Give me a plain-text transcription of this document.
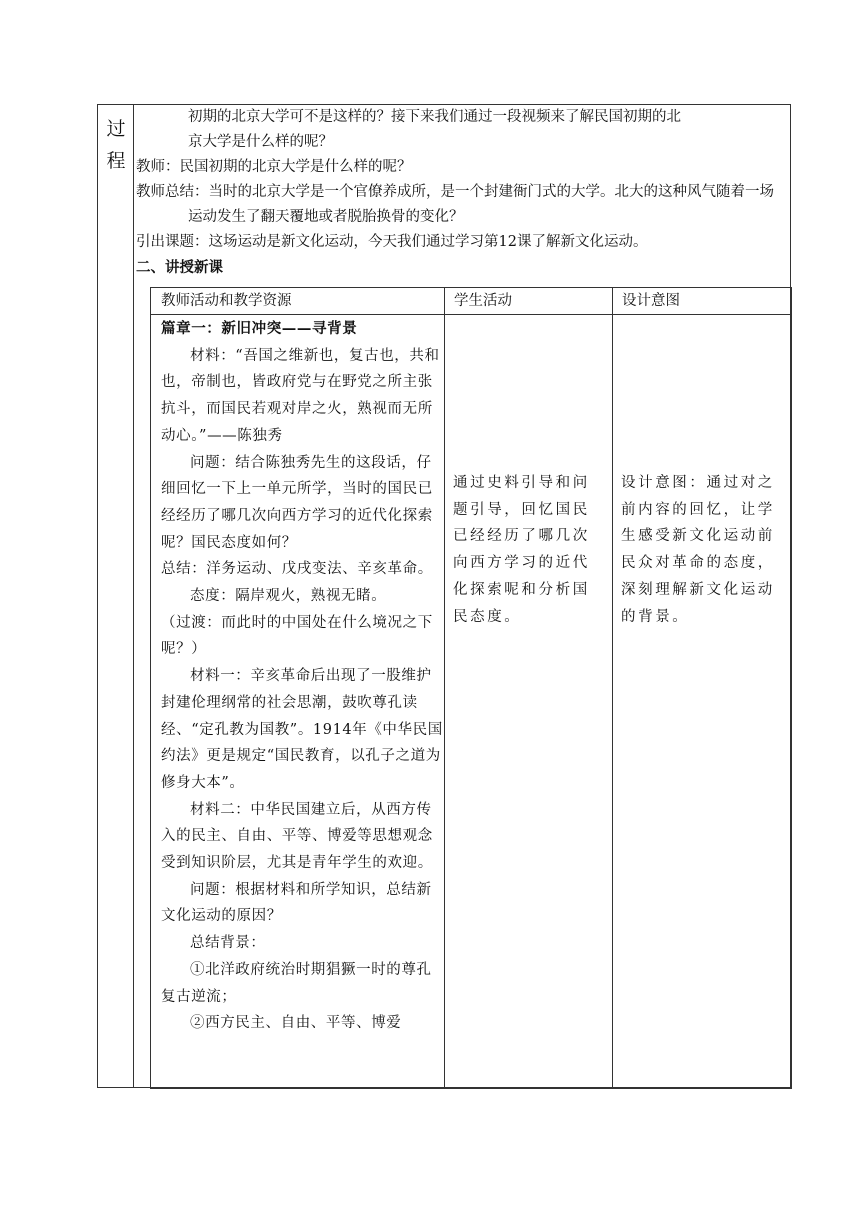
过程

初期的北京大学可不是这样的？接下来我们通过一段视频来了解民国初期的北

京大学是什么样的呢？

教师：民国初期的北京大学是什么样的呢？

教师总结：当时的北京大学是一个官僚养成所，是一个封建衙门式的大学。北大的这种风气随着一场运动发生了翻天覆地或者脱胎换骨的变化？

引出课题：这场运动是新文化运动，今天我们通过学习第12课了解新文化运动。

二、讲授新课

教师活动和教学资源	学生活动	设计意图

篇章一：新旧冲突——寻背景

材料：“吾国之维新也，复古也，共和也，帝制也，皆政府党与在野党之所主张抗斗，而国民若观对岸之火，熟视而无所动心。”——陈独秀

问题：结合陈独秀先生的这段话，仔细回忆一下上一单元所学，当时的国民已经经历了哪几次向西方学习的近代化探索呢？国民态度如何？

总结：洋务运动、戊戌变法、辛亥革命。

态度：隔岸观火，熟视无睹。

（过渡：而此时的中国处在什么境况之下呢？）

材料一：辛亥革命后出现了一股维护封建伦理纲常的社会思潮，鼓吹尊孔读经、“定孔教为国教”。1914年《中华民国约法》更是规定“国民教育，以孔子之道为修身大本”。

材料二：中华民国建立后，从西方传入的民主、自由、平等、博爱等思想观念受到知识阶层，尤其是青年学生的欢迎。

问题：根据材料和所学知识，总结新文化运动的原因？

总结背景：

①北洋政府统治时期猖獗一时的尊孔复古逆流；

②西方民主、自由、平等、博爱

通过史料引导和问题引导，回忆国民已经经历了哪几次向西方学习的近代化探索呢和分析国民态度。

设计意图：通过对之前内容的回忆，让学生感受新文化运动前民众对革命的态度，深刻理解新文化运动的背景。
